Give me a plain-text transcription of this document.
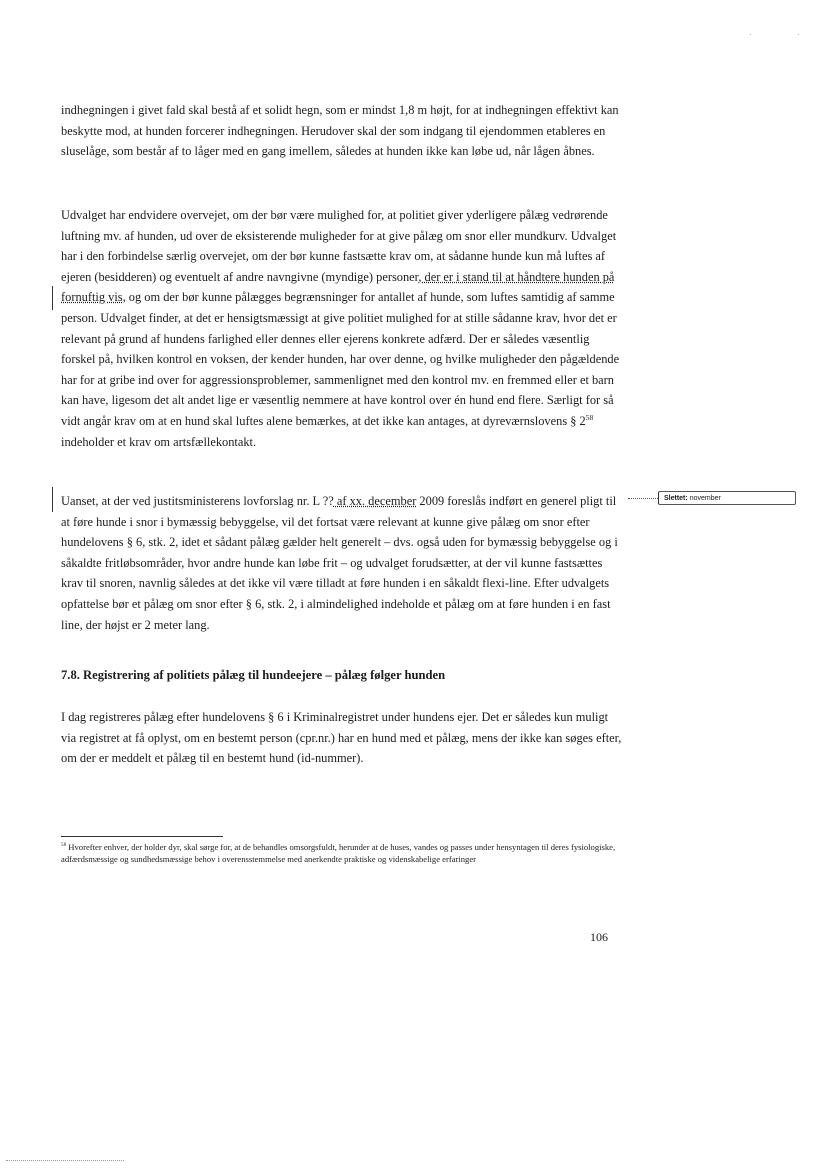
·	·

indhegningen i givet fald skal bestå af et solidt hegn, som er mindst 1,8 m højt, for at indhegningen effektivt kan beskytte mod, at hunden forcerer indhegningen. Herudover skal der som indgang til ejendommen etableres en sluselåge, som består af to låger med en gang imellem, således at hunden ikke kan løbe ud, når lågen åbnes.

Udvalget har endvidere overvejet, om der bør være mulighed for, at politiet giver yderligere pålæg vedrørende luftning mv. af hunden, ud over de eksisterende muligheder for at give pålæg om snor eller mundkurv. Udvalget har i den forbindelse særlig overvejet, om der bør kunne fastsætte krav om, at sådanne hunde kun må luftes af ejeren (besidderen) og eventuelt af andre navngivne (myndige) personer, der er i stand til at håndtere hunden på fornuftig vis, og om der bør kunne pålægges begrænsninger for antallet af hunde, som luftes samtidig af samme person. Udvalget finder, at det er hensigtsmæssigt at give politiet mulighed for at stille sådanne krav, hvor det er relevant på grund af hundens farlighed eller dennes eller ejerens konkrete adfærd. Der er således væsentlig forskel på, hvilken kontrol en voksen, der kender hunden, har over denne, og hvilke muligheder den pågældende har for at gribe ind over for aggressionsproblemer, sammenlignet med den kontrol mv. en fremmed eller et barn kan have, ligesom det alt andet lige er væsentlig nemmere at have kontrol over én hund end flere. Særligt for så vidt angår krav om at en hund skal luftes alene bemærkes, at det ikke kan antages, at dyreværnslovens § $2^{58}$ indeholder et krav om artsfællekontakt.

Uanset, at der ved justitsministerens lovforslag nr. L ?? af xx. december 2009 foreslås indført en generel pligt til at føre hunde i snor i bymæssig bebyggelse, vil det fortsat være relevant at kunne give pålæg om snor efter hundelovens § 6, stk. 2, idet et sådant pålæg gælder helt generelt – dvs. også uden for bymæssig bebyggelse og i såkaldte fritløbsområder, hvor andre hunde kan løbe frit – og udvalget forudsætter, at der vil kunne fastsættes krav til snoren, navnlig således at det ikke vil være tilladt at føre hunden i en såkaldt flexi-line. Efter udvalgets opfattelse bør et pålæg om snor efter § 6, stk. 2, i almindelighed indeholde et pålæg om at føre hunden i en fast line, der højst er 2 meter lang.

Slettet: november

7.8. Registrering af politiets pålæg til hundeejere – pålæg følger hunden

I dag registreres pålæg efter hundelovens § 6 i Kriminalregistret under hundens ejer. Det er således kun muligt via registret at få oplyst, om en bestemt person (cpr.nr.) har en hund med et pålæg, mens der ikke kan søges efter, om der er meddelt et pålæg til en bestemt hund (id-nummer).

$^{58}$ Hvorefter enhver, der holder dyr, skal sørge for, at de behandles omsorgsfuldt, herunder at de huses, vandes og passes under hensyntagen til deres fysiologiske, adfærdsmæssige og sundhedsmæssige behov i overensstemmelse med anerkendte praktiske og videnskabelige erfaringer

106
